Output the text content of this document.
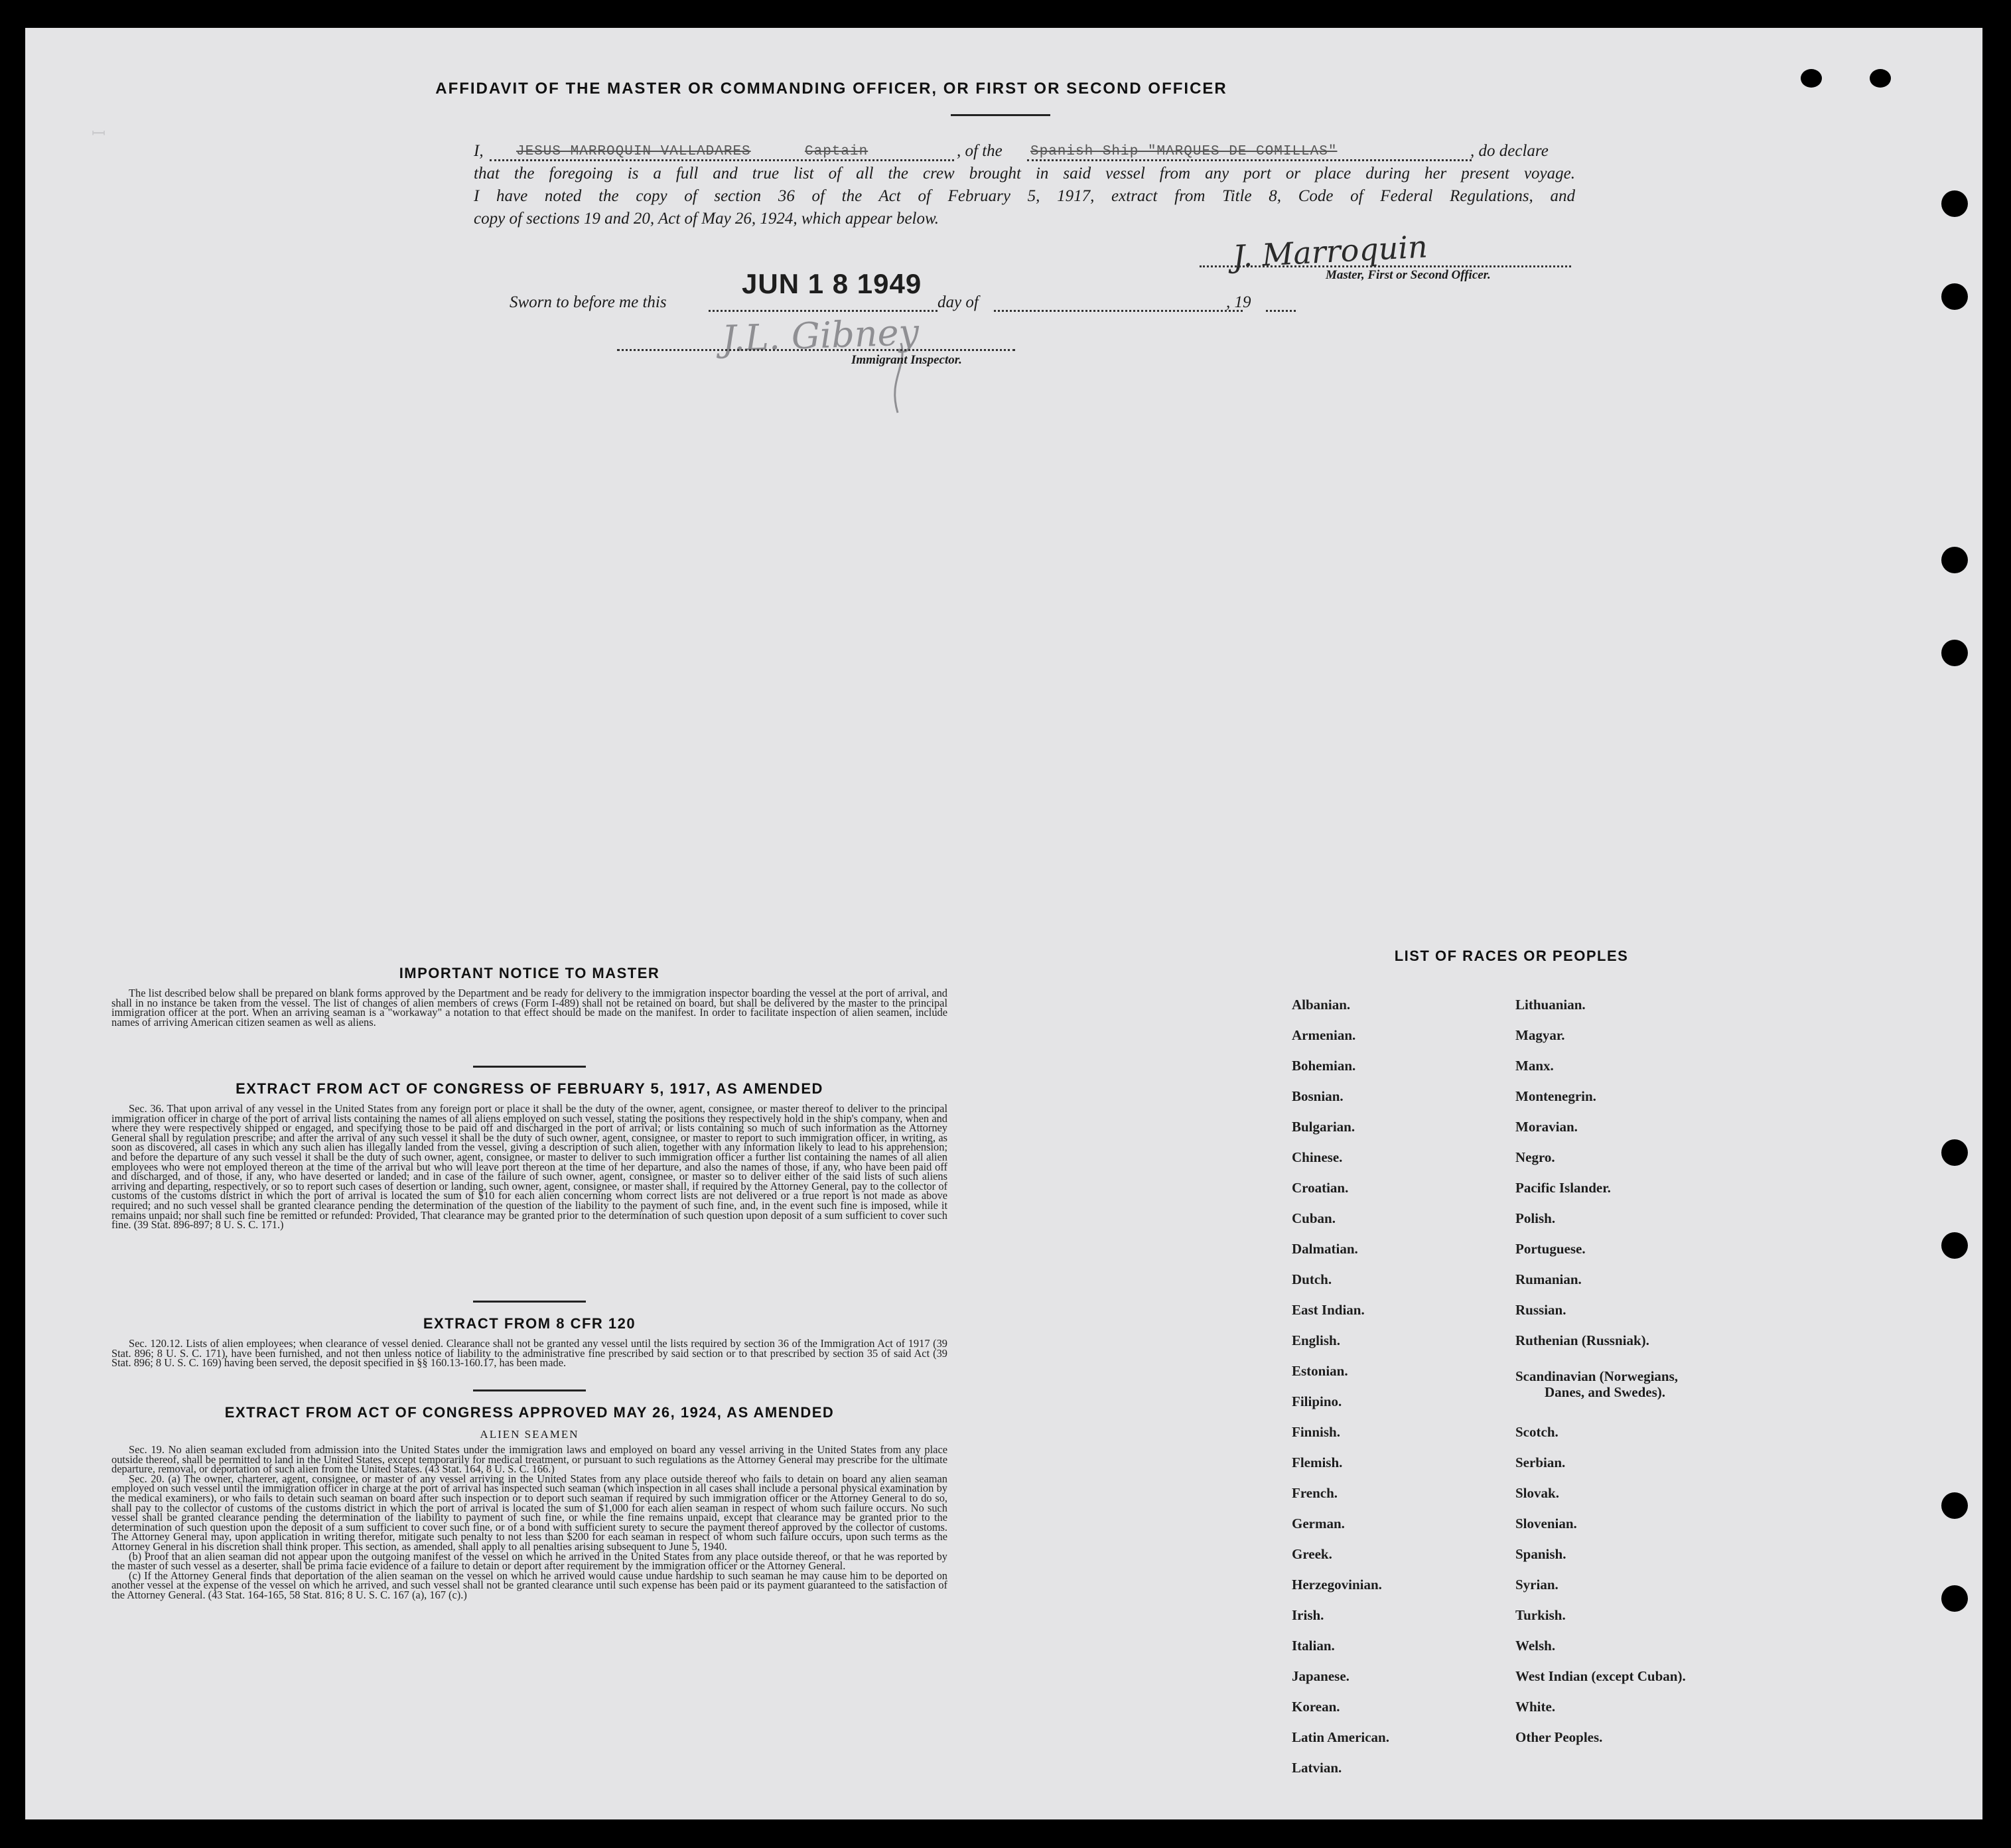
ꟷ
AFFIDAVIT OF THE MASTER OR COMMANDING OFFICER, OR FIRST OR SECOND OFFICER
I, JESUS MARROQUIN VALLADARES	Captain	, of the Spanish Ship "MARQUES DE COMILLAS"	, do declare
that the foregoing is a full and true list of all the crew brought in said vessel from any port or place during her present voyage.
I have noted the copy of section 36 of the Act of February 5, 1917, extract from Title 8, Code of Federal Regulations, and
copy of sections 19 and 20, Act of May 26, 1924, which appear below.
J. Marroquin
Master, First or Second Officer.
Sworn to before me this
JUN 1 8 1949
day of	, 19
J.L. Gibney
Immigrant Inspector.
IMPORTANT NOTICE TO MASTER

The list described below shall be prepared on blank forms approved by the Department and be ready for delivery to the immigration inspector boarding the vessel at the port of arrival, and shall in no instance be taken from the vessel. The list of changes of alien members of crews (Form I-489) shall not be retained on board, but shall be delivered by the master to the principal immigration officer at the port. When an arriving seaman is a "workaway" a notation to that effect should be made on the manifest. In order to facilitate inspection of alien seamen, include names of arriving American citizen seamen as well as aliens.

EXTRACT FROM ACT OF CONGRESS OF FEBRUARY 5, 1917, AS AMENDED

Sec. 36. That upon arrival of any vessel in the United States from any foreign port or place it shall be the duty of the owner, agent, consignee, or master thereof to deliver to the principal immigration officer in charge of the port of arrival lists containing the names of all aliens employed on such vessel, stating the positions they respectively hold in the ship's company, when and where they were respectively shipped or engaged, and specifying those to be paid off and discharged in the port of arrival; or lists containing so much of such information as the Attorney General shall by regulation prescribe; and after the arrival of any such vessel it shall be the duty of such owner, agent, consignee, or master to report to such immigration officer, in writing, as soon as discovered, all cases in which any such alien has illegally landed from the vessel, giving a description of such alien, together with any information likely to lead to his apprehension; and before the departure of any such vessel it shall be the duty of such owner, agent, consignee, or master to deliver to such immigration officer a further list containing the names of all alien employees who were not employed thereon at the time of the arrival but who will leave port thereon at the time of her departure, and also the names of those, if any, who have been paid off and discharged, and of those, if any, who have deserted or landed; and in case of the failure of such owner, agent, consignee, or master so to deliver either of the said lists of such aliens arriving and departing, respectively, or so to report such cases of desertion or landing, such owner, agent, consignee, or master shall, if required by the Attorney General, pay to the collector of customs of the customs district in which the port of arrival is located the sum of $10 for each alien concerning whom correct lists are not delivered or a true report is not made as above required; and no such vessel shall be granted clearance pending the determination of the question of the liability to the payment of such fine, and, in the event such fine is imposed, while it remains unpaid; nor shall such fine be remitted or refunded: Provided, That clearance may be granted prior to the determination of such question upon deposit of a sum sufficient to cover such fine. (39 Stat. 896-897; 8 U. S. C. 171.)

EXTRACT FROM 8 CFR 120

Sec. 120.12. Lists of alien employees; when clearance of vessel denied. Clearance shall not be granted any vessel until the lists required by section 36 of the Immigration Act of 1917 (39 Stat. 896; 8 U. S. C. 171), have been furnished, and not then unless notice of liability to the administrative fine prescribed by said section or to that prescribed by section 35 of said Act (39 Stat. 896; 8 U. S. C. 169) having been served, the deposit specified in §§ 160.13-160.17, has been made.

EXTRACT FROM ACT OF CONGRESS APPROVED MAY 26, 1924, AS AMENDED
ALIEN SEAMEN

Sec. 19. No alien seaman excluded from admission into the United States under the immigration laws and employed on board any vessel arriving in the United States from any place outside thereof, shall be permitted to land in the United States, except temporarily for medical treatment, or pursuant to such regulations as the Attorney General may prescribe for the ultimate departure, removal, or deportation of such alien from the United States. (43 Stat. 164, 8 U. S. C. 166.)

Sec. 20. (a) The owner, charterer, agent, consignee, or master of any vessel arriving in the United States from any place outside thereof who fails to detain on board any alien seaman employed on such vessel until the immigration officer in charge at the port of arrival has inspected such seaman (which inspection in all cases shall include a personal physical examination by the medical examiners), or who fails to detain such seaman on board after such inspection or to deport such seaman if required by such immigration officer or the Attorney General to do so, shall pay to the collector of customs of the customs district in which the port of arrival is located the sum of $1,000 for each alien seaman in respect of whom such failure occurs. No such vessel shall be granted clearance pending the determination of the liability to payment of such fine, or while the fine remains unpaid, except that clearance may be granted prior to the determination of such question upon the deposit of a sum sufficient to cover such fine, or of a bond with sufficient surety to secure the payment thereof approved by the collector of customs. The Attorney General may, upon application in writing therefor, mitigate such penalty to not less than $200 for each seaman in respect of whom such failure occurs, upon such terms as the Attorney General in his discretion shall think proper. This section, as amended, shall apply to all penalties arising subsequent to June 5, 1940.

(b) Proof that an alien seaman did not appear upon the outgoing manifest of the vessel on which he arrived in the United States from any place outside thereof, or that he was reported by the master of such vessel as a deserter, shall be prima facie evidence of a failure to detain or deport after requirement by the immigration officer or the Attorney General.

(c) If the Attorney General finds that deportation of the alien seaman on the vessel on which he arrived would cause undue hardship to such seaman he may cause him to be deported on another vessel at the expense of the vessel on which he arrived, and such vessel shall not be granted clearance until such expense has been paid or its payment guaranteed to the satisfaction of the Attorney General. (43 Stat. 164-165, 58 Stat. 816; 8 U. S. C. 167 (a), 167 (c).)

LIST OF RACES OR PEOPLES
Albanian.
Armenian.
Bohemian.
Bosnian.
Bulgarian.
Chinese.
Croatian.
Cuban.
Dalmatian.
Dutch.
East Indian.
English.
Estonian.
Filipino.
Finnish.
Flemish.
French.
German.
Greek.
Herzegovinian.
Irish.
Italian.
Japanese.
Korean.
Latin American.
Latvian.
Lithuanian.
Magyar.
Manx.
Montenegrin.
Moravian.
Negro.
Pacific Islander.
Polish.
Portuguese.
Rumanian.
Russian.
Ruthenian (Russniak).
Scandinavian (Norwegians,
Danes, and Swedes).
Scotch.
Serbian.
Slovak.
Slovenian.
Spanish.
Syrian.
Turkish.
Welsh.
West Indian (except Cuban).
White.
Other Peoples.
